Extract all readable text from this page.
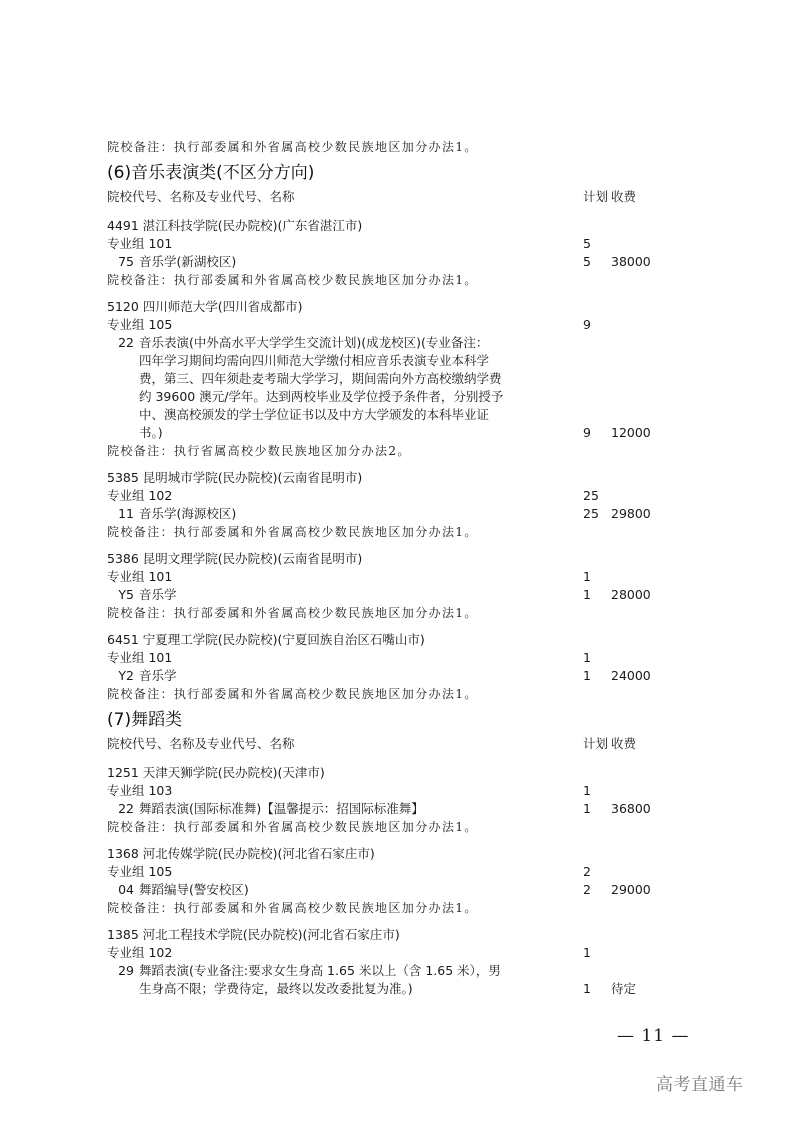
院校备注：执行部委属和外省属高校少数民族地区加分办法1。
(6)音乐表演类(不区分方向)
院校代号、名称及专业代号、名称	计划 收费
4491 湛江科技学院(民办院校)(广东省湛江市)
专业组 101	5
75 音乐学(新湖校区)	5 38000
院校备注：执行部委属和外省属高校少数民族地区加分办法1。
5120 四川师范大学(四川省成都市)
专业组 105	9
22 音乐表演(中外高水平大学学生交流计划)(成龙校区)(专业备注：
四年学习期间均需向四川师范大学缴付相应音乐表演专业本科学
费，第三、四年须赴麦考瑞大学学习，期间需向外方高校缴纳学费
约 39600 澳元/学年。达到两校毕业及学位授予条件者，分别授予
中、澳高校颁发的学士学位证书以及中方大学颁发的本科毕业证
书。)	9 12000
院校备注：执行省属高校少数民族地区加分办法2。
5385 昆明城市学院(民办院校)(云南省昆明市)
专业组 102	25
11 音乐学(海源校区)	25 29800
院校备注：执行部委属和外省属高校少数民族地区加分办法1。
5386 昆明文理学院(民办院校)(云南省昆明市)
专业组 101	1
Y5 音乐学	1 28000
院校备注：执行部委属和外省属高校少数民族地区加分办法1。
6451 宁夏理工学院(民办院校)(宁夏回族自治区石嘴山市)
专业组 101	1
Y2 音乐学	1 24000
院校备注：执行部委属和外省属高校少数民族地区加分办法1。
(7)舞蹈类
院校代号、名称及专业代号、名称	计划 收费
1251 天津天狮学院(民办院校)(天津市)
专业组 103	1
22 舞蹈表演(国际标准舞)【温馨提示：招国际标准舞】	1 36800
院校备注：执行部委属和外省属高校少数民族地区加分办法1。
1368 河北传媒学院(民办院校)(河北省石家庄市)
专业组 105	2
04 舞蹈编导(警安校区)	2 29000
院校备注：执行部委属和外省属高校少数民族地区加分办法1。
1385 河北工程技术学院(民办院校)(河北省石家庄市)
专业组 102	1
29 舞蹈表演(专业备注:要求女生身高 1.65 米以上（含 1.65 米），男
生身高不限；学费待定，最终以发改委批复为准。)	1 待定
— 11 —
高考直通车
